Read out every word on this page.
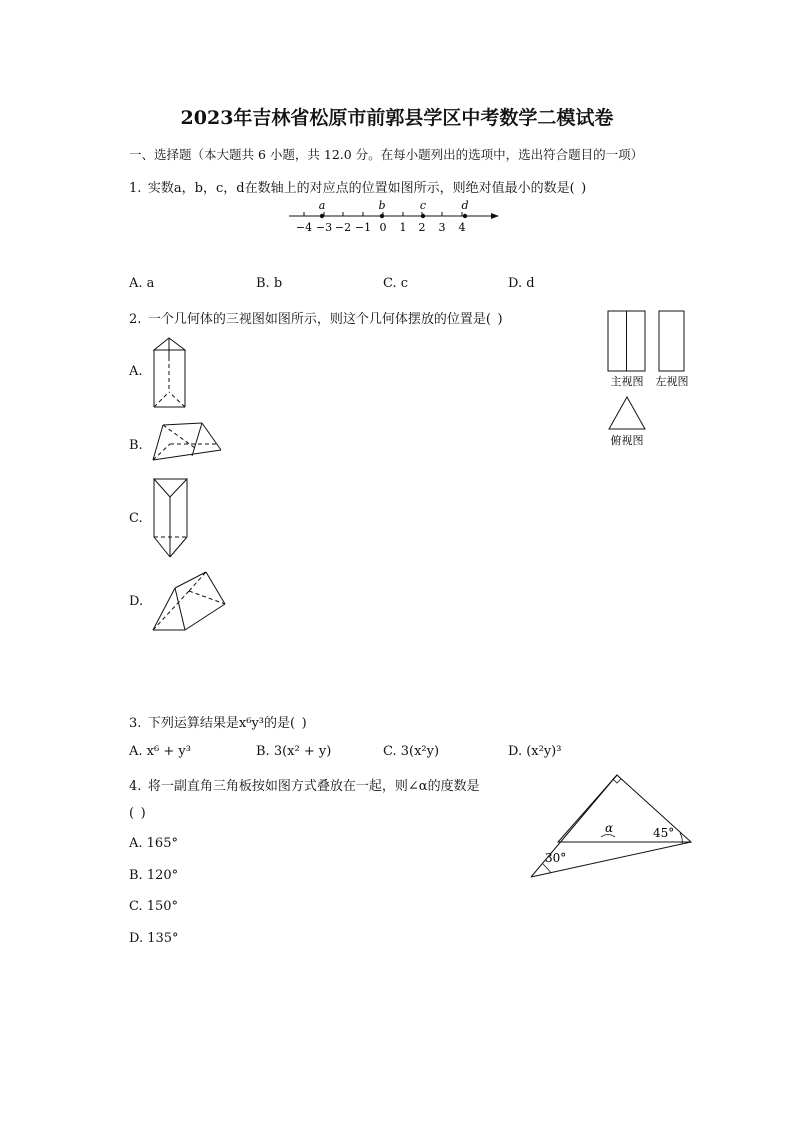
2023年吉林省松原市前郭县学区中考数学二模试卷
一、选择题（本大题共 6 小题，共 12.0 分。在每小题列出的选项中，选出符合题目的一项）
1. 实数a，b，c，d在数轴上的对应点的位置如图所示，则绝对值最小的数是( )
a	b	c	d
−4 −3 −2 −1 0 1 2 3 4
A. a	B. b	C. c	D. d
2. 一个几何体的三视图如图所示，则这个几何体摆放的位置是( )
主视图 左视图
俯视图
A.
B.
C.
D.
3. 下列运算结果是x⁶y³的是( )
A. x⁶ + y³	B. 3(x² + y)	C. 3(x²y)	D. (x²y)³
4. 将一副直角三角板按如图方式叠放在一起，则∠α的度数是
( )
α	45°
30°
A. 165°
B. 120°
C. 150°
D. 135°
